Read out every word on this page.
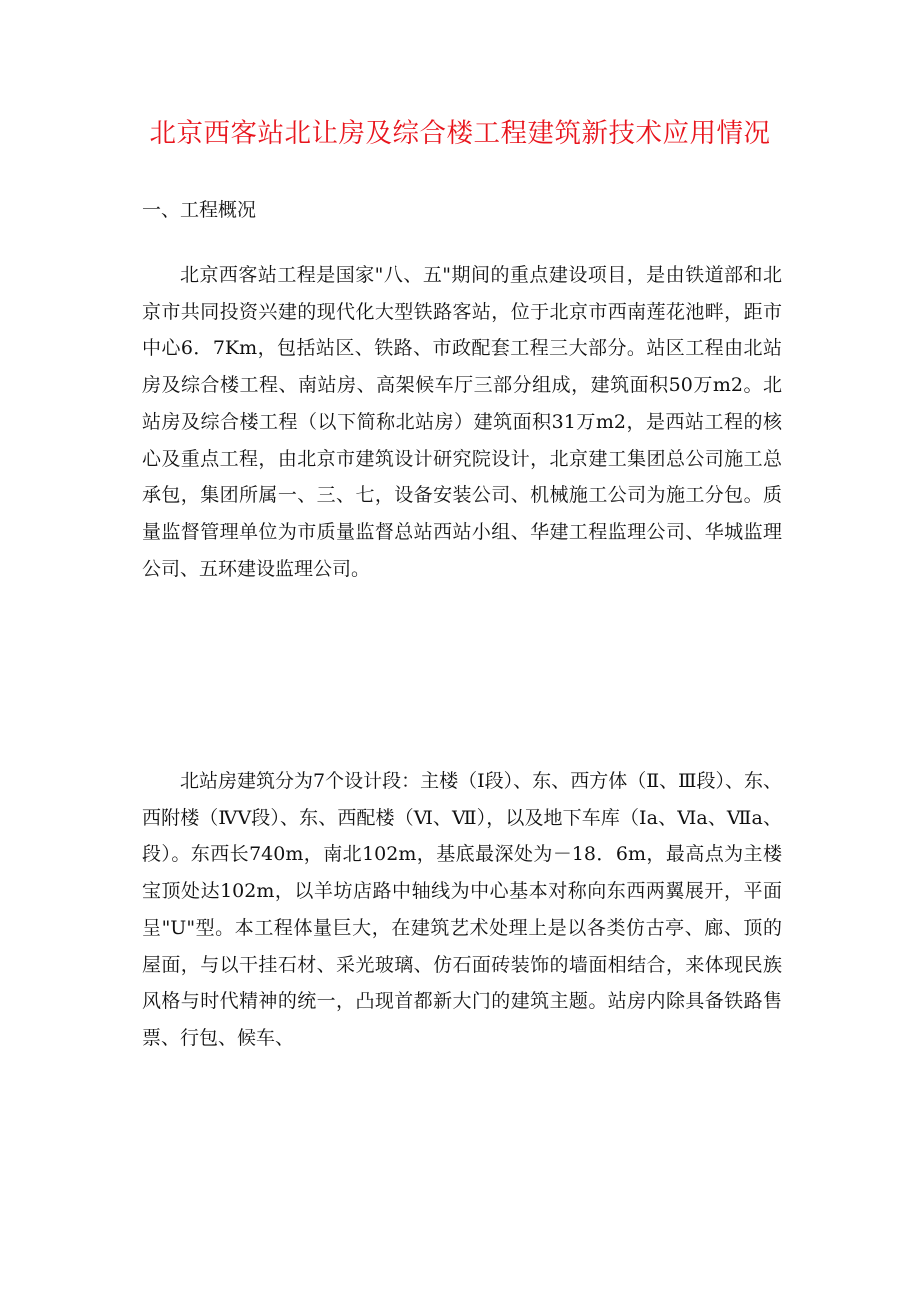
北京西客站北让房及综合楼工程建筑新技术应用情况
一、工程概况

北京西客站工程是国家"八、五"期间的重点建设项目，是由铁道部和北京市共同投资兴建的现代化大型铁路客站，位于北京市西南莲花池畔，距市中心6．7Km，包括站区、铁路、市政配套工程三大部分。站区工程由北站房及综合楼工程、南站房、高架候车厅三部分组成，建筑面积50万m2。北站房及综合楼工程（以下简称北站房）建筑面积31万m2，是西站工程的核心及重点工程，由北京市建筑设计研究院设计，北京建工集团总公司施工总承包，集团所属一、三、七，设备安装公司、机械施工公司为施工分包。质量监督管理单位为市质量监督总站西站小组、华建工程监理公司、华城监理公司、五环建设监理公司。

北站房建筑分为7个设计段：主楼（Ⅰ段）、东、西方体（Ⅱ、Ⅲ段）、东、西附楼（ⅣⅤ段）、东、西配楼（Ⅵ、Ⅶ），以及地下车库（Ⅰa、Ⅵa、Ⅶa、段）。东西长740m，南北102m，基底最深处为－18．6m，最高点为主楼宝顶处达102m，以羊坊店路中轴线为中心基本对称向东西两翼展开，平面呈"U"型。本工程体量巨大，在建筑艺术处理上是以各类仿古亭、廊、顶的屋面，与以干挂石材、采光玻璃、仿石面砖装饰的墙面相结合，来体现民族风格与时代精神的统一，凸现首都新大门的建筑主题。站房内除具备铁路售票、行包、候车、
